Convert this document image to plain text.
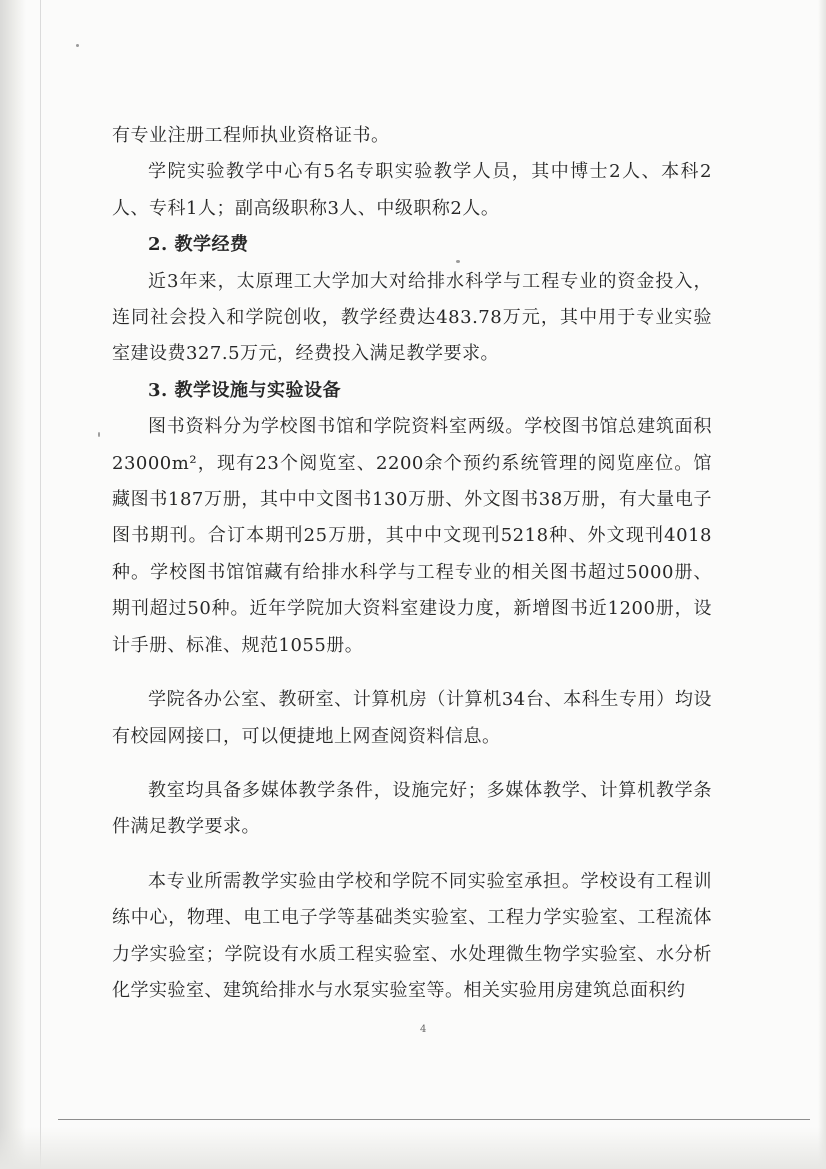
有专业注册工程师执业资格证书。

学院实验教学中心有5名专职实验教学人员，其中博士2人、本科2人、专科1人；副高级职称3人、中级职称2人。

2. 教学经费

近3年来，太原理工大学加大对给排水科学与工程专业的资金投入，连同社会投入和学院创收，教学经费达483.78万元，其中用于专业实验室建设费327.5万元，经费投入满足教学要求。

3. 教学设施与实验设备

图书资料分为学校图书馆和学院资料室两级。学校图书馆总建筑面积23000m²，现有23个阅览室、2200余个预约系统管理的阅览座位。馆藏图书187万册，其中中文图书130万册、外文图书38万册，有大量电子图书期刊。合订本期刊25万册，其中中文现刊5218种、外文现刊4018种。学校图书馆馆藏有给排水科学与工程专业的相关图书超过5000册、期刊超过50种。近年学院加大资料室建设力度，新增图书近1200册，设计手册、标准、规范1055册。

学院各办公室、教研室、计算机房（计算机34台、本科生专用）均设有校园网接口，可以便捷地上网查阅资料信息。

教室均具备多媒体教学条件，设施完好；多媒体教学、计算机教学条件满足教学要求。

本专业所需教学实验由学校和学院不同实验室承担。学校设有工程训练中心，物理、电工电子学等基础类实验室、工程力学实验室、工程流体力学实验室；学院设有水质工程实验室、水处理微生物学实验室、水分析化学实验室、建筑给排水与水泵实验室等。相关实验用房建筑总面积约

4
